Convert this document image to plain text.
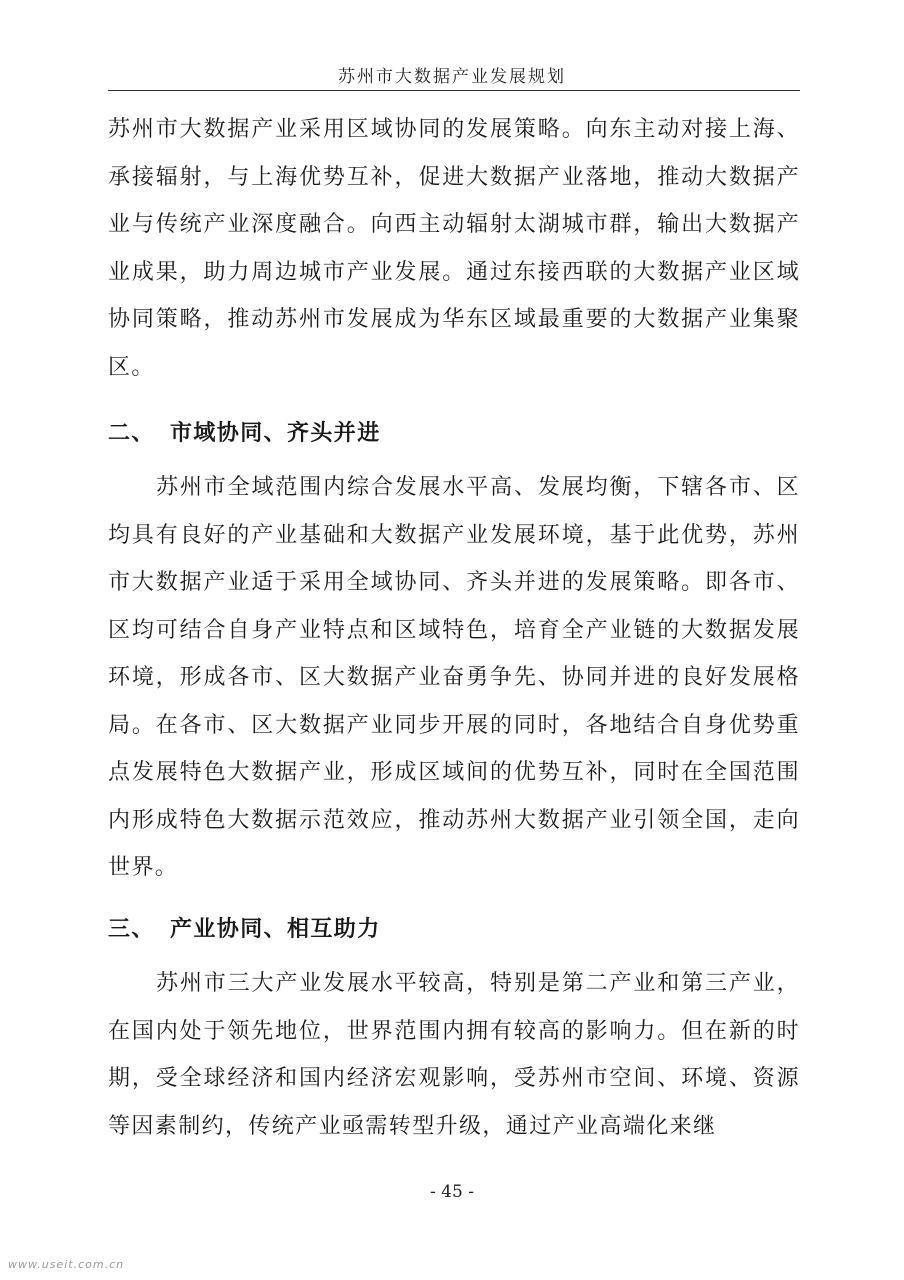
苏州市大数据产业发展规划
苏州市大数据产业采用区域协同的发展策略。向东主动对接上海、承接辐射，与上海优势互补，促进大数据产业落地，推动大数据产业与传统产业深度融合。向西主动辐射太湖城市群，输出大数据产业成果，助力周边城市产业发展。通过东接西联的大数据产业区域协同策略，推动苏州市发展成为华东区域最重要的大数据产业集聚区。
二、 市域协同、齐头并进
苏州市全域范围内综合发展水平高、发展均衡，下辖各市、区均具有良好的产业基础和大数据产业发展环境，基于此优势，苏州市大数据产业适于采用全域协同、齐头并进的发展策略。即各市、区均可结合自身产业特点和区域特色，培育全产业链的大数据发展环境，形成各市、区大数据产业奋勇争先、协同并进的良好发展格局。在各市、区大数据产业同步开展的同时，各地结合自身优势重点发展特色大数据产业，形成区域间的优势互补，同时在全国范围内形成特色大数据示范效应，推动苏州大数据产业引领全国，走向世界。
三、 产业协同、相互助力
苏州市三大产业发展水平较高，特别是第二产业和第三产业，在国内处于领先地位，世界范围内拥有较高的影响力。但在新的时期，受全球经济和国内经济宏观影响，受苏州市空间、环境、资源等因素制约，传统产业亟需转型升级，通过产业高端化来继
- 45 -
www.useit.com.cn
